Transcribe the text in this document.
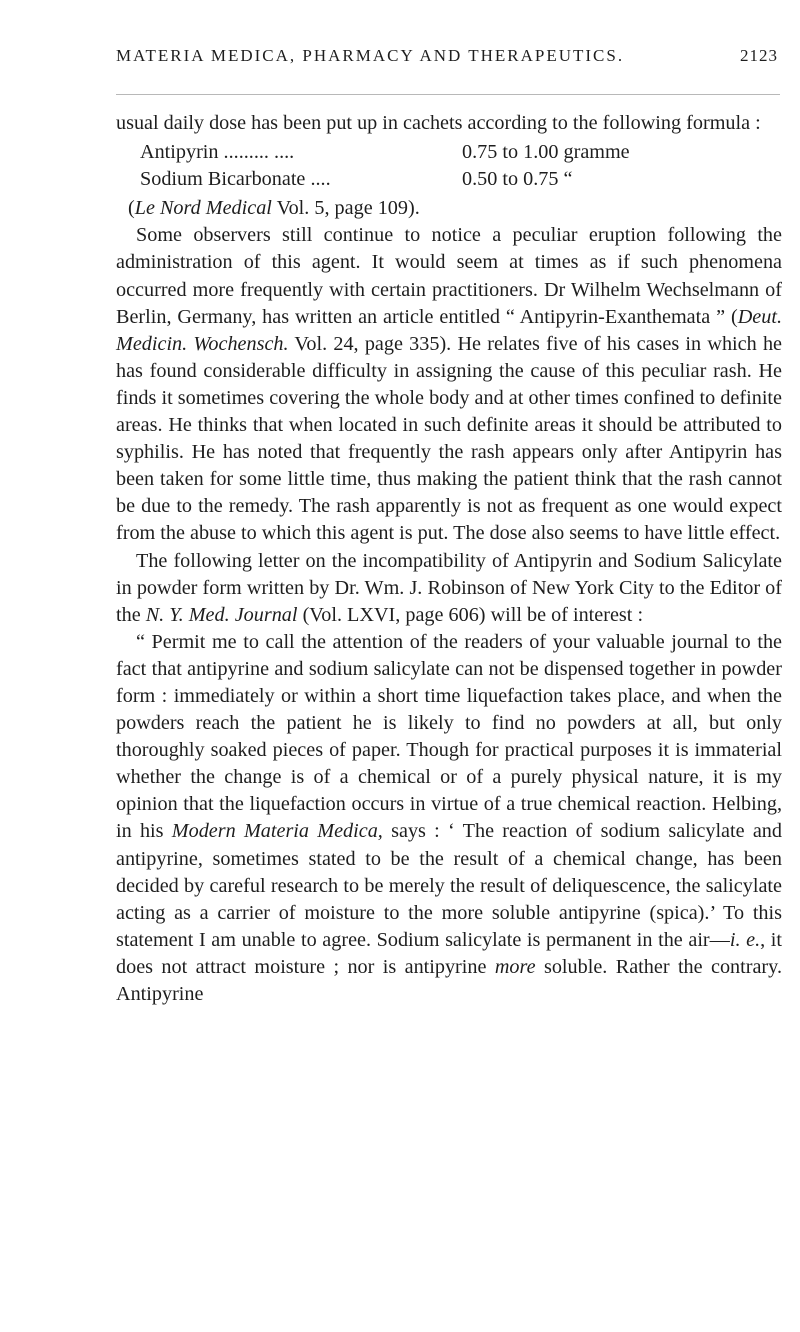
MATERIA MEDICA, PHARMACY AND THERAPEUTICS.	2123

usual daily dose has been put up in cachets according to the following formula :

Antipyrin ......... ....	0.75 to 1.00 gramme
Sodium Bicarbonate ....	0.50 to 0.75 “

(Le Nord Medical Vol. 5, page 109).

Some observers still continue to notice a peculiar eruption following the administration of this agent. It would seem at times as if such phenomena occurred more frequently with certain practitioners. Dr Wilhelm Wechselmann of Berlin, Germany, has written an article entitled “ Antipyrin-Exanthemata ” (Deut. Medicin. Wochensch. Vol. 24, page 335). He relates five of his cases in which he has found considerable difficulty in assigning the cause of this peculiar rash. He finds it sometimes covering the whole body and at other times confined to definite areas. He thinks that when located in such definite areas it should be attributed to syphilis. He has noted that frequently the rash appears only after Antipyrin has been taken for some little time, thus making the patient think that the rash cannot be due to the remedy. The rash apparently is not as frequent as one would expect from the abuse to which this agent is put. The dose also seems to have little effect.

The following letter on the incompatibility of Antipyrin and Sodium Salicylate in powder form written by Dr. Wm. J. Robinson of New York City to the Editor of the N. Y. Med. Journal (Vol. LXVI, page 606) will be of interest :

“ Permit me to call the attention of the readers of your valuable journal to the fact that antipyrine and sodium salicylate can not be dispensed together in powder form : immediately or within a short time liquefaction takes place, and when the powders reach the patient he is likely to find no powders at all, but only thoroughly soaked pieces of paper. Though for practical purposes it is immaterial whether the change is of a chemical or of a purely physical nature, it is my opinion that the liquefaction occurs in virtue of a true chemical reaction. Helbing, in his Modern Materia Medica, says : ‘ The reaction of sodium salicylate and antipyrine, sometimes stated to be the result of a chemical change, has been decided by careful research to be merely the result of deliquescence, the salicylate acting as a carrier of moisture to the more soluble antipyrine (spica).’ To this statement I am unable to agree. Sodium salicylate is permanent in the air—i. e., it does not attract moisture ; nor is antipyrine more soluble. Rather the contrary. Antipyrine
